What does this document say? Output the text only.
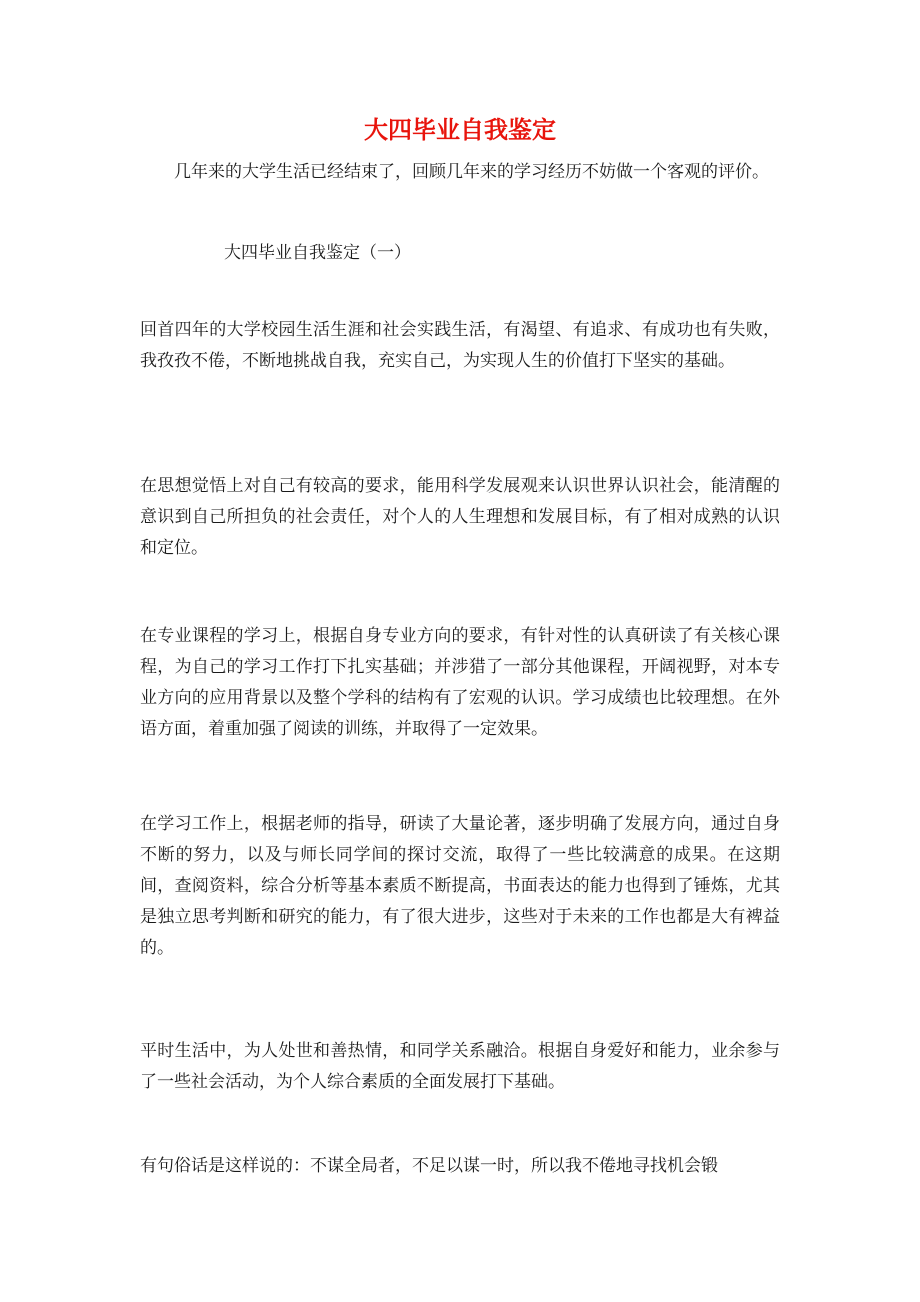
大四毕业自我鉴定

几年来的大学生活已经结束了，回顾几年来的学习经历不妨做一个客观的评价。

大四毕业自我鉴定（一）

回首四年的大学校园生活生涯和社会实践生活，有渴望、有追求、有成功也有失败，我孜孜不倦，不断地挑战自我，充实自己，为实现人生的价值打下坚实的基础。

在思想觉悟上对自己有较高的要求，能用科学发展观来认识世界认识社会，能清醒的意识到自己所担负的社会责任，对个人的人生理想和发展目标，有了相对成熟的认识和定位。

在专业课程的学习上，根据自身专业方向的要求，有针对性的认真研读了有关核心课程，为自己的学习工作打下扎实基础；并涉猎了一部分其他课程，开阔视野，对本专业方向的应用背景以及整个学科的结构有了宏观的认识。学习成绩也比较理想。在外语方面，着重加强了阅读的训练，并取得了一定效果。

在学习工作上，根据老师的指导，研读了大量论著，逐步明确了发展方向，通过自身不断的努力，以及与师长同学间的探讨交流，取得了一些比较满意的成果。在这期间，查阅资料，综合分析等基本素质不断提高，书面表达的能力也得到了锤炼，尤其是独立思考判断和研究的能力，有了很大进步，这些对于未来的工作也都是大有裨益的。

平时生活中，为人处世和善热情，和同学关系融洽。根据自身爱好和能力，业余参与了一些社会活动，为个人综合素质的全面发展打下基础。

有句俗话是这样说的：不谋全局者，不足以谋一时，所以我不倦地寻找机会锻
